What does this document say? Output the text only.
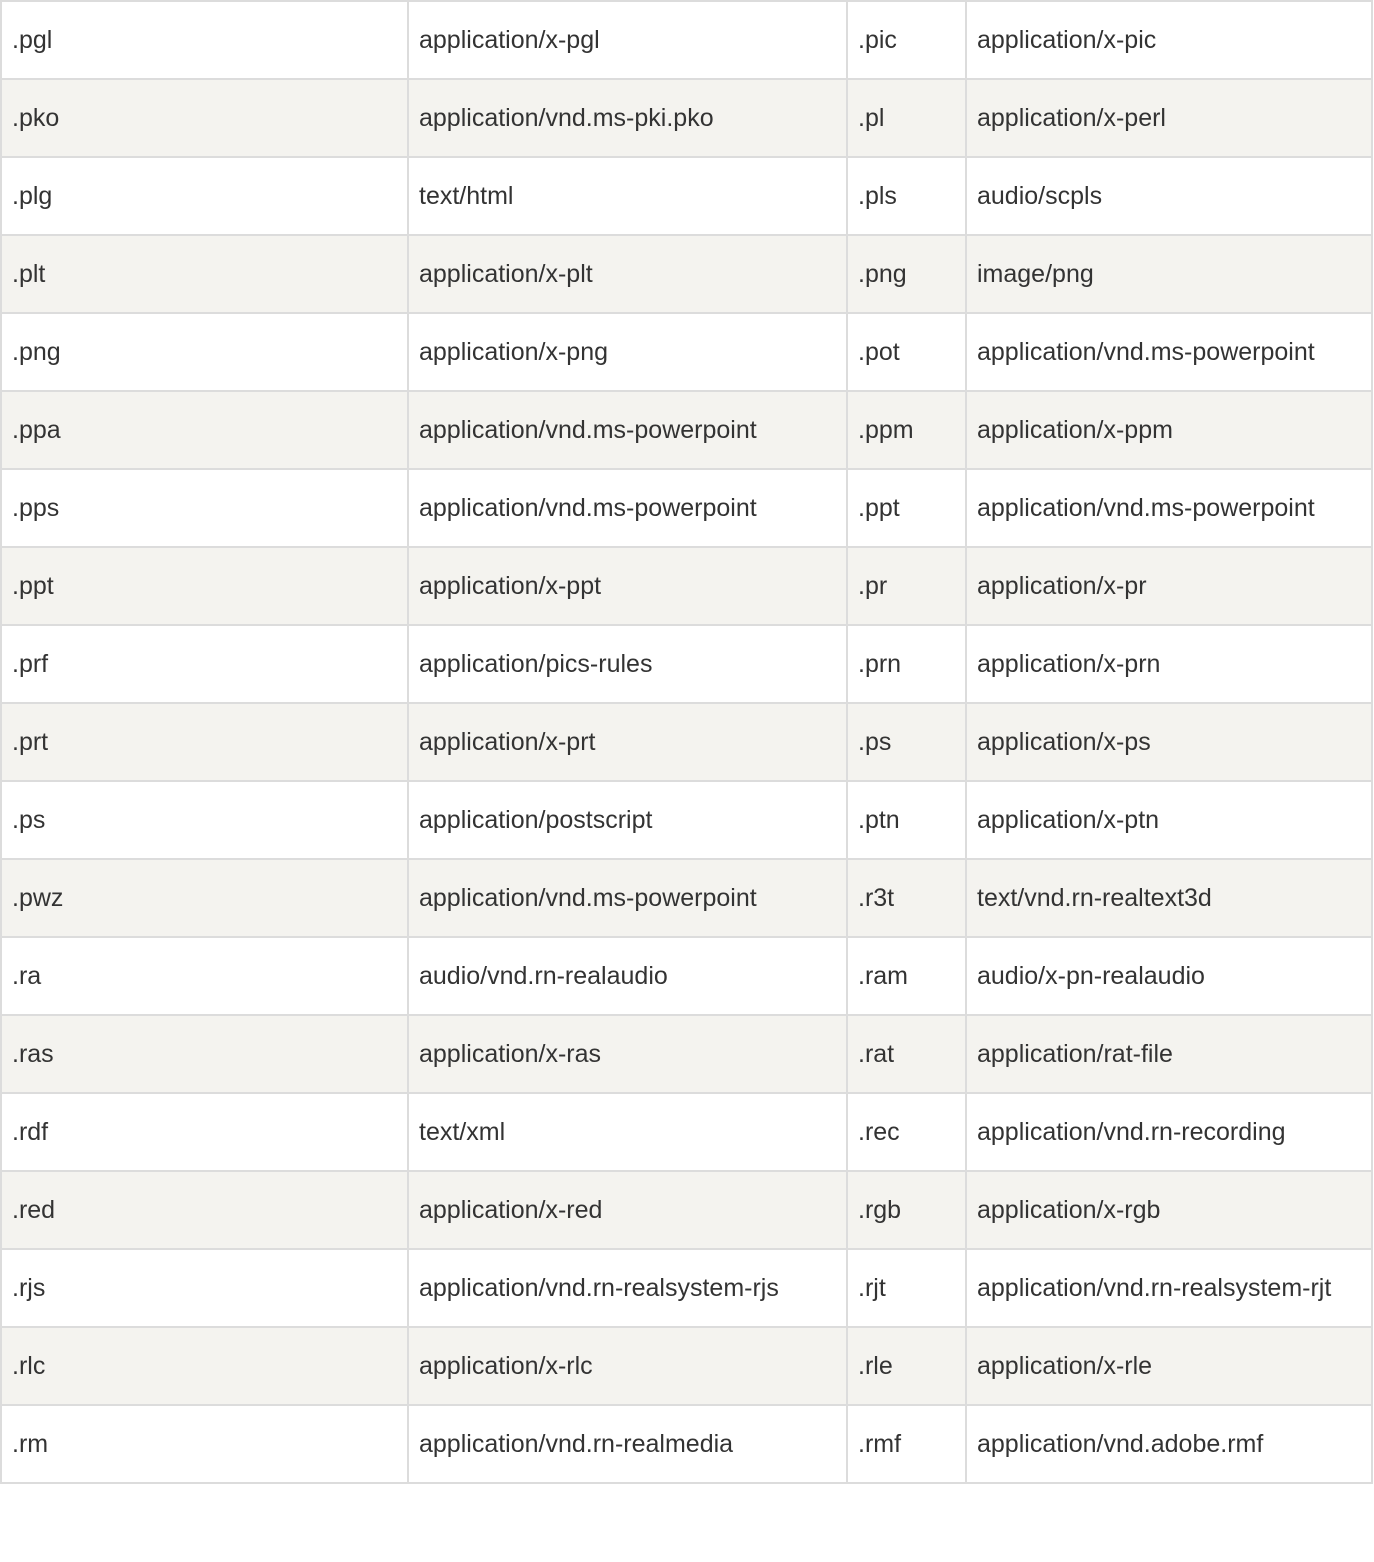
.pgl	application/x-pgl	.pic	application/x-pic
.pko	application/vnd.ms-pki.pko	.pl	application/x-perl
.plg	text/html	.pls	audio/scpls
.plt	application/x-plt	.png	image/png
.png	application/x-png	.pot	application/vnd.ms-powerpoint
.ppa	application/vnd.ms-powerpoint	.ppm	application/x-ppm
.pps	application/vnd.ms-powerpoint	.ppt	application/vnd.ms-powerpoint
.ppt	application/x-ppt	.pr	application/x-pr
.prf	application/pics-rules	.prn	application/x-prn
.prt	application/x-prt	.ps	application/x-ps
.ps	application/postscript	.ptn	application/x-ptn
.pwz	application/vnd.ms-powerpoint	.r3t	text/vnd.rn-realtext3d
.ra	audio/vnd.rn-realaudio	.ram	audio/x-pn-realaudio
.ras	application/x-ras	.rat	application/rat-file
.rdf	text/xml	.rec	application/vnd.rn-recording
.red	application/x-red	.rgb	application/x-rgb
.rjs	application/vnd.rn-realsystem-rjs	.rjt	application/vnd.rn-realsystem-rjt
.rlc	application/x-rlc	.rle	application/x-rle
.rm	application/vnd.rn-realmedia	.rmf	application/vnd.adobe.rmf
